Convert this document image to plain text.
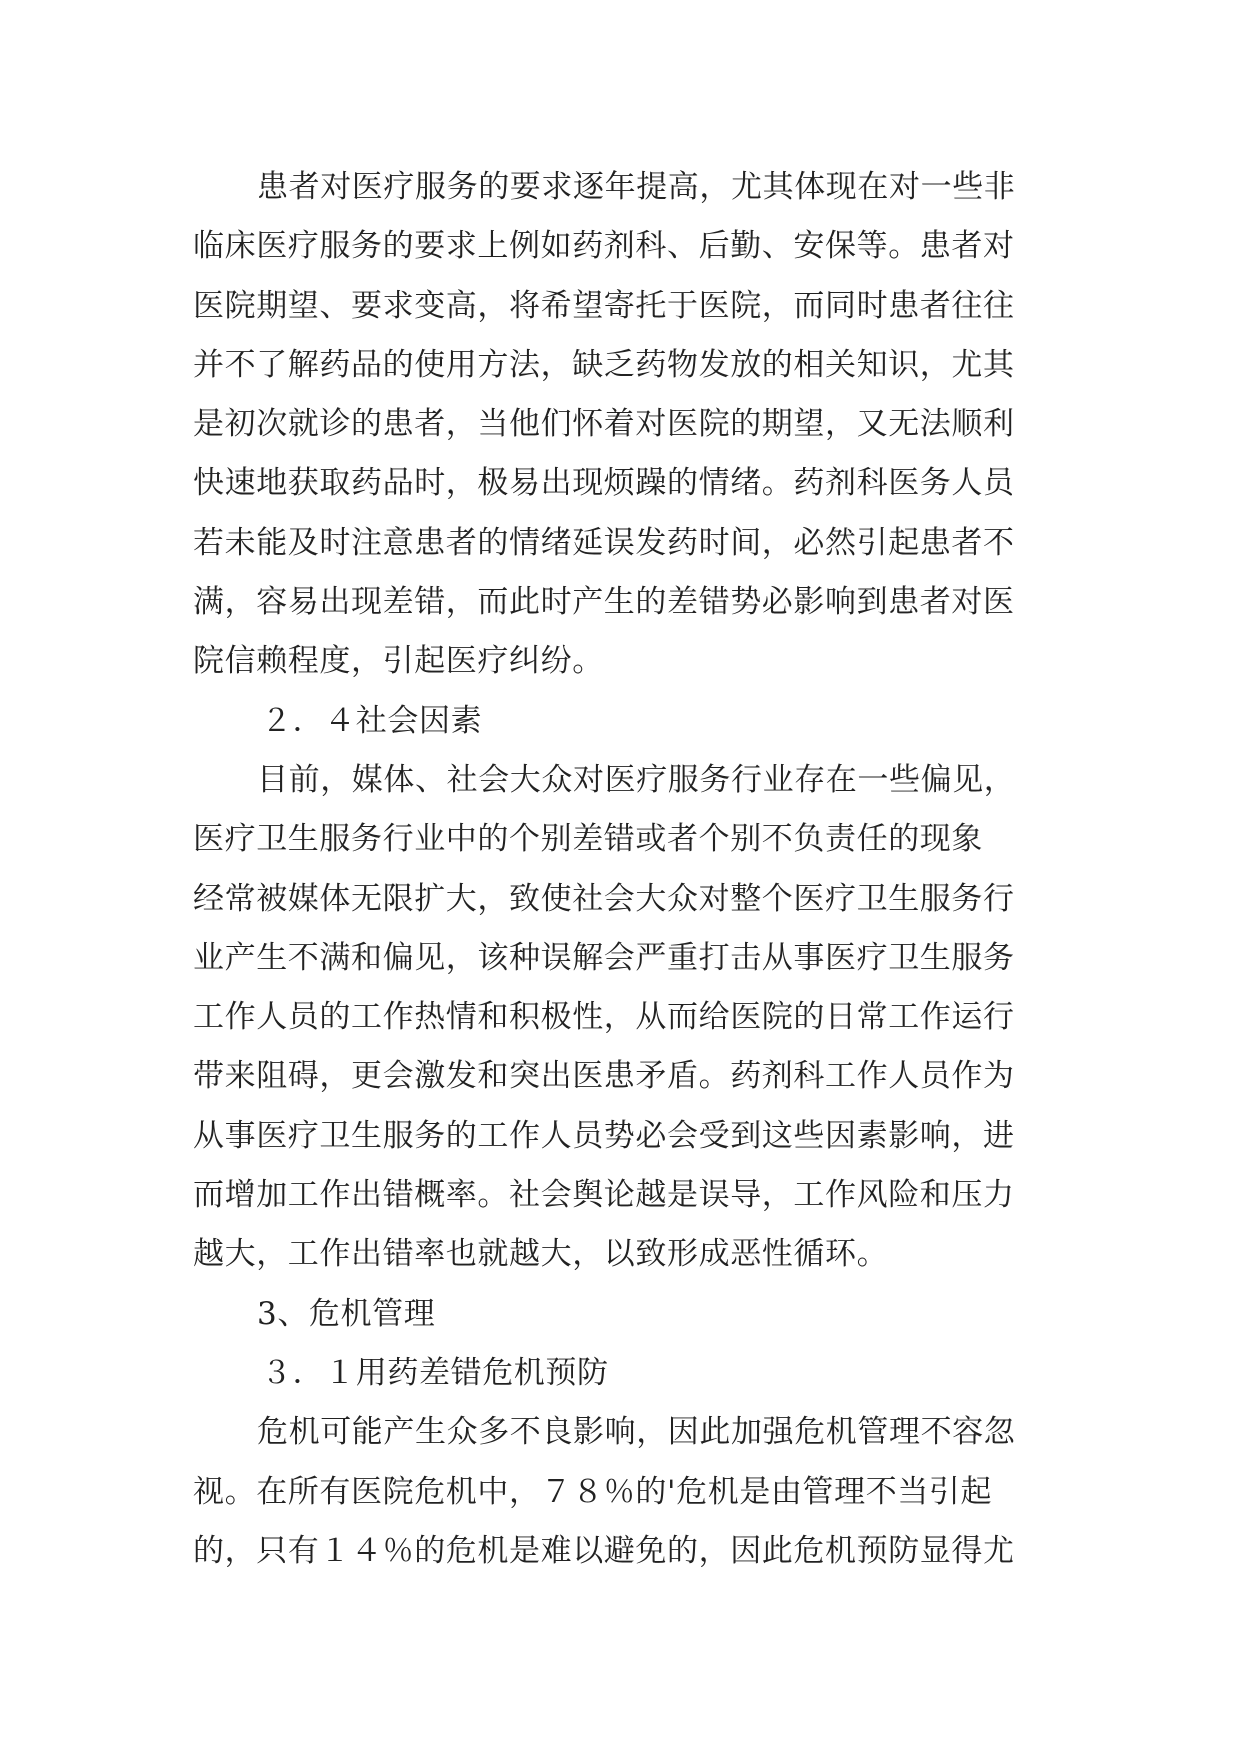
患者对医疗服务的要求逐年提高，尤其体现在对一些非
临床医疗服务的要求上例如药剂科、后勤、安保等。患者对
医院期望、要求变高，将希望寄托于医院，而同时患者往往
并不了解药品的使用方法，缺乏药物发放的相关知识，尤其
是初次就诊的患者，当他们怀着对医院的期望，又无法顺利
快速地获取药品时，极易出现烦躁的情绪。药剂科医务人员
若未能及时注意患者的情绪延误发药时间，必然引起患者不
满，容易出现差错，而此时产生的差错势必影响到患者对医
院信赖程度，引起医疗纠纷。
２．４社会因素
目前，媒体、社会大众对医疗服务行业存在一些偏见，
医疗卫生服务行业中的个别差错或者个别不负责任的现象
经常被媒体无限扩大，致使社会大众对整个医疗卫生服务行
业产生不满和偏见，该种误解会严重打击从事医疗卫生服务
工作人员的工作热情和积极性，从而给医院的日常工作运行
带来阻碍，更会激发和突出医患矛盾。药剂科工作人员作为
从事医疗卫生服务的工作人员势必会受到这些因素影响，进
而增加工作出错概率。社会舆论越是误导，工作风险和压力
越大，工作出错率也就越大，以致形成恶性循环。
3、危机管理
３．１用药差错危机预防
危机可能产生众多不良影响，因此加强危机管理不容忽
视。在所有医院危机中，７８％的'危机是由管理不当引起
的，只有１４％的危机是难以避免的，因此危机预防显得尤
